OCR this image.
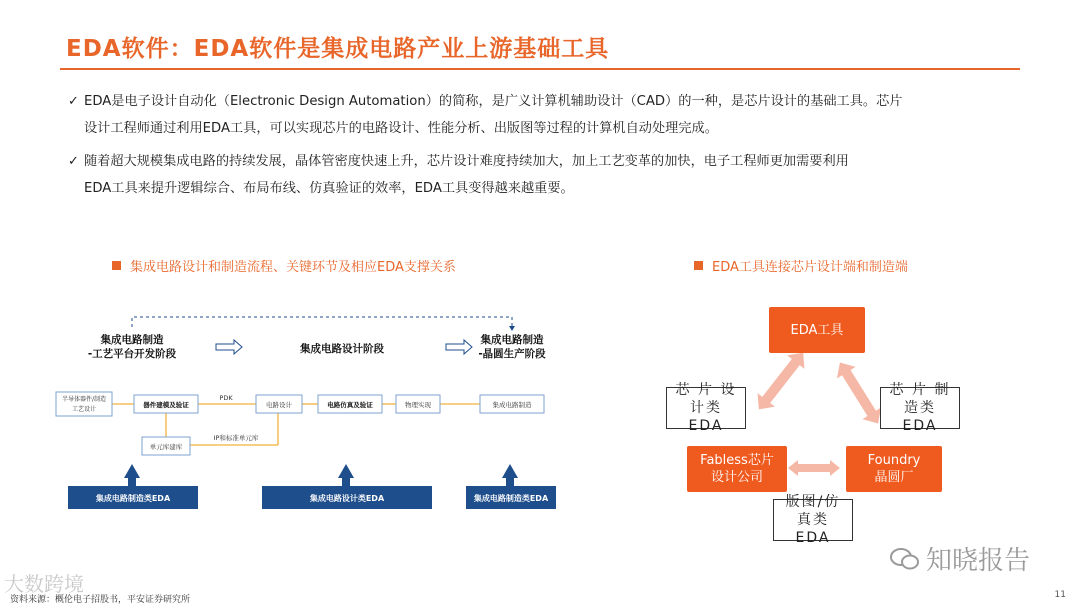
EDA软件：EDA软件是集成电路产业上游基础工具
✓ EDA是电子设计自动化（Electronic Design Automation）的简称，是广义计算机辅助设计（CAD）的一种，是芯片设计的基础工具。芯片
设计工程师通过利用EDA工具，可以实现芯片的电路设计、性能分析、出版图等过程的计算机自动处理完成。
✓ 随着超大规模集成电路的持续发展，晶体管密度快速上升，芯片设计难度持续加大，加上工艺变革的加快，电子工程师更加需要利用
EDA工具来提升逻辑综合、布局布线、仿真验证的效率，EDA工具变得越来越重要。
集成电路设计和制造流程、关键环节及相应EDA支撑关系	EDA工具连接芯片设计端和制造端
集成电路制造
-工艺平台开发阶段	集成电路设计阶段
集成电路制造
-晶圆生产阶段
半导体器件/制造
工艺设计
器件建模及验证
PDK
电路设计	电路仿真及验证	物理实现	集成电路制造
单元库建库
IP和标准单元库
集成电路制造类EDA	集成电路设计类EDA	集成电路制造类EDA
EDA工具
Fabless芯片
设计公司
Foundry
晶圆厂
芯 片 设
计类EDA
芯 片 制
造类EDA
版图/仿
真类EDA
知晓报告
大数跨境
资料来源：概伦电子招股书，平安证券研究所	11
